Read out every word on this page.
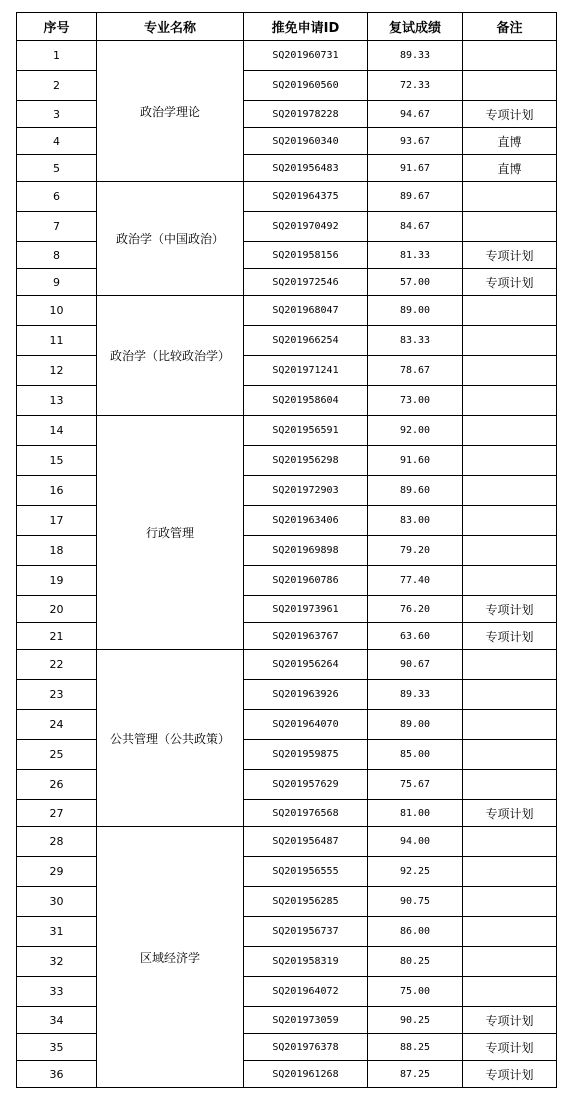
序号	专业名称	推免申请ID	复试成绩	备注
1	政治学理论	SQ201960731	89.33	
2		SQ201960560	72.33	
3		SQ201978228	94.67	专项计划
4		SQ201960340	93.67	直博
5		SQ201956483	91.67	直博
6	政治学（中国政治）	SQ201964375	89.67	
7		SQ201970492	84.67	
8		SQ201958156	81.33	专项计划
9		SQ201972546	57.00	专项计划
10	政治学（比较政治学）	SQ201968047	89.00	
11		SQ201966254	83.33	
12		SQ201971241	78.67	
13		SQ201958604	73.00	
14	行政管理	SQ201956591	92.00	
15		SQ201956298	91.60	
16		SQ201972903	89.60	
17		SQ201963406	83.00	
18		SQ201969898	79.20	
19		SQ201960786	77.40	
20		SQ201973961	76.20	专项计划
21		SQ201963767	63.60	专项计划
22	公共管理（公共政策）	SQ201956264	90.67	
23		SQ201963926	89.33	
24		SQ201964070	89.00	
25		SQ201959875	85.00	
26		SQ201957629	75.67	
27		SQ201976568	81.00	专项计划
28	区域经济学	SQ201956487	94.00	
29		SQ201956555	92.25	
30		SQ201956285	90.75	
31		SQ201956737	86.00	
32		SQ201958319	80.25	
33		SQ201964072	75.00	
34		SQ201973059	90.25	专项计划
35		SQ201976378	88.25	专项计划
36		SQ201961268	87.25	专项计划
